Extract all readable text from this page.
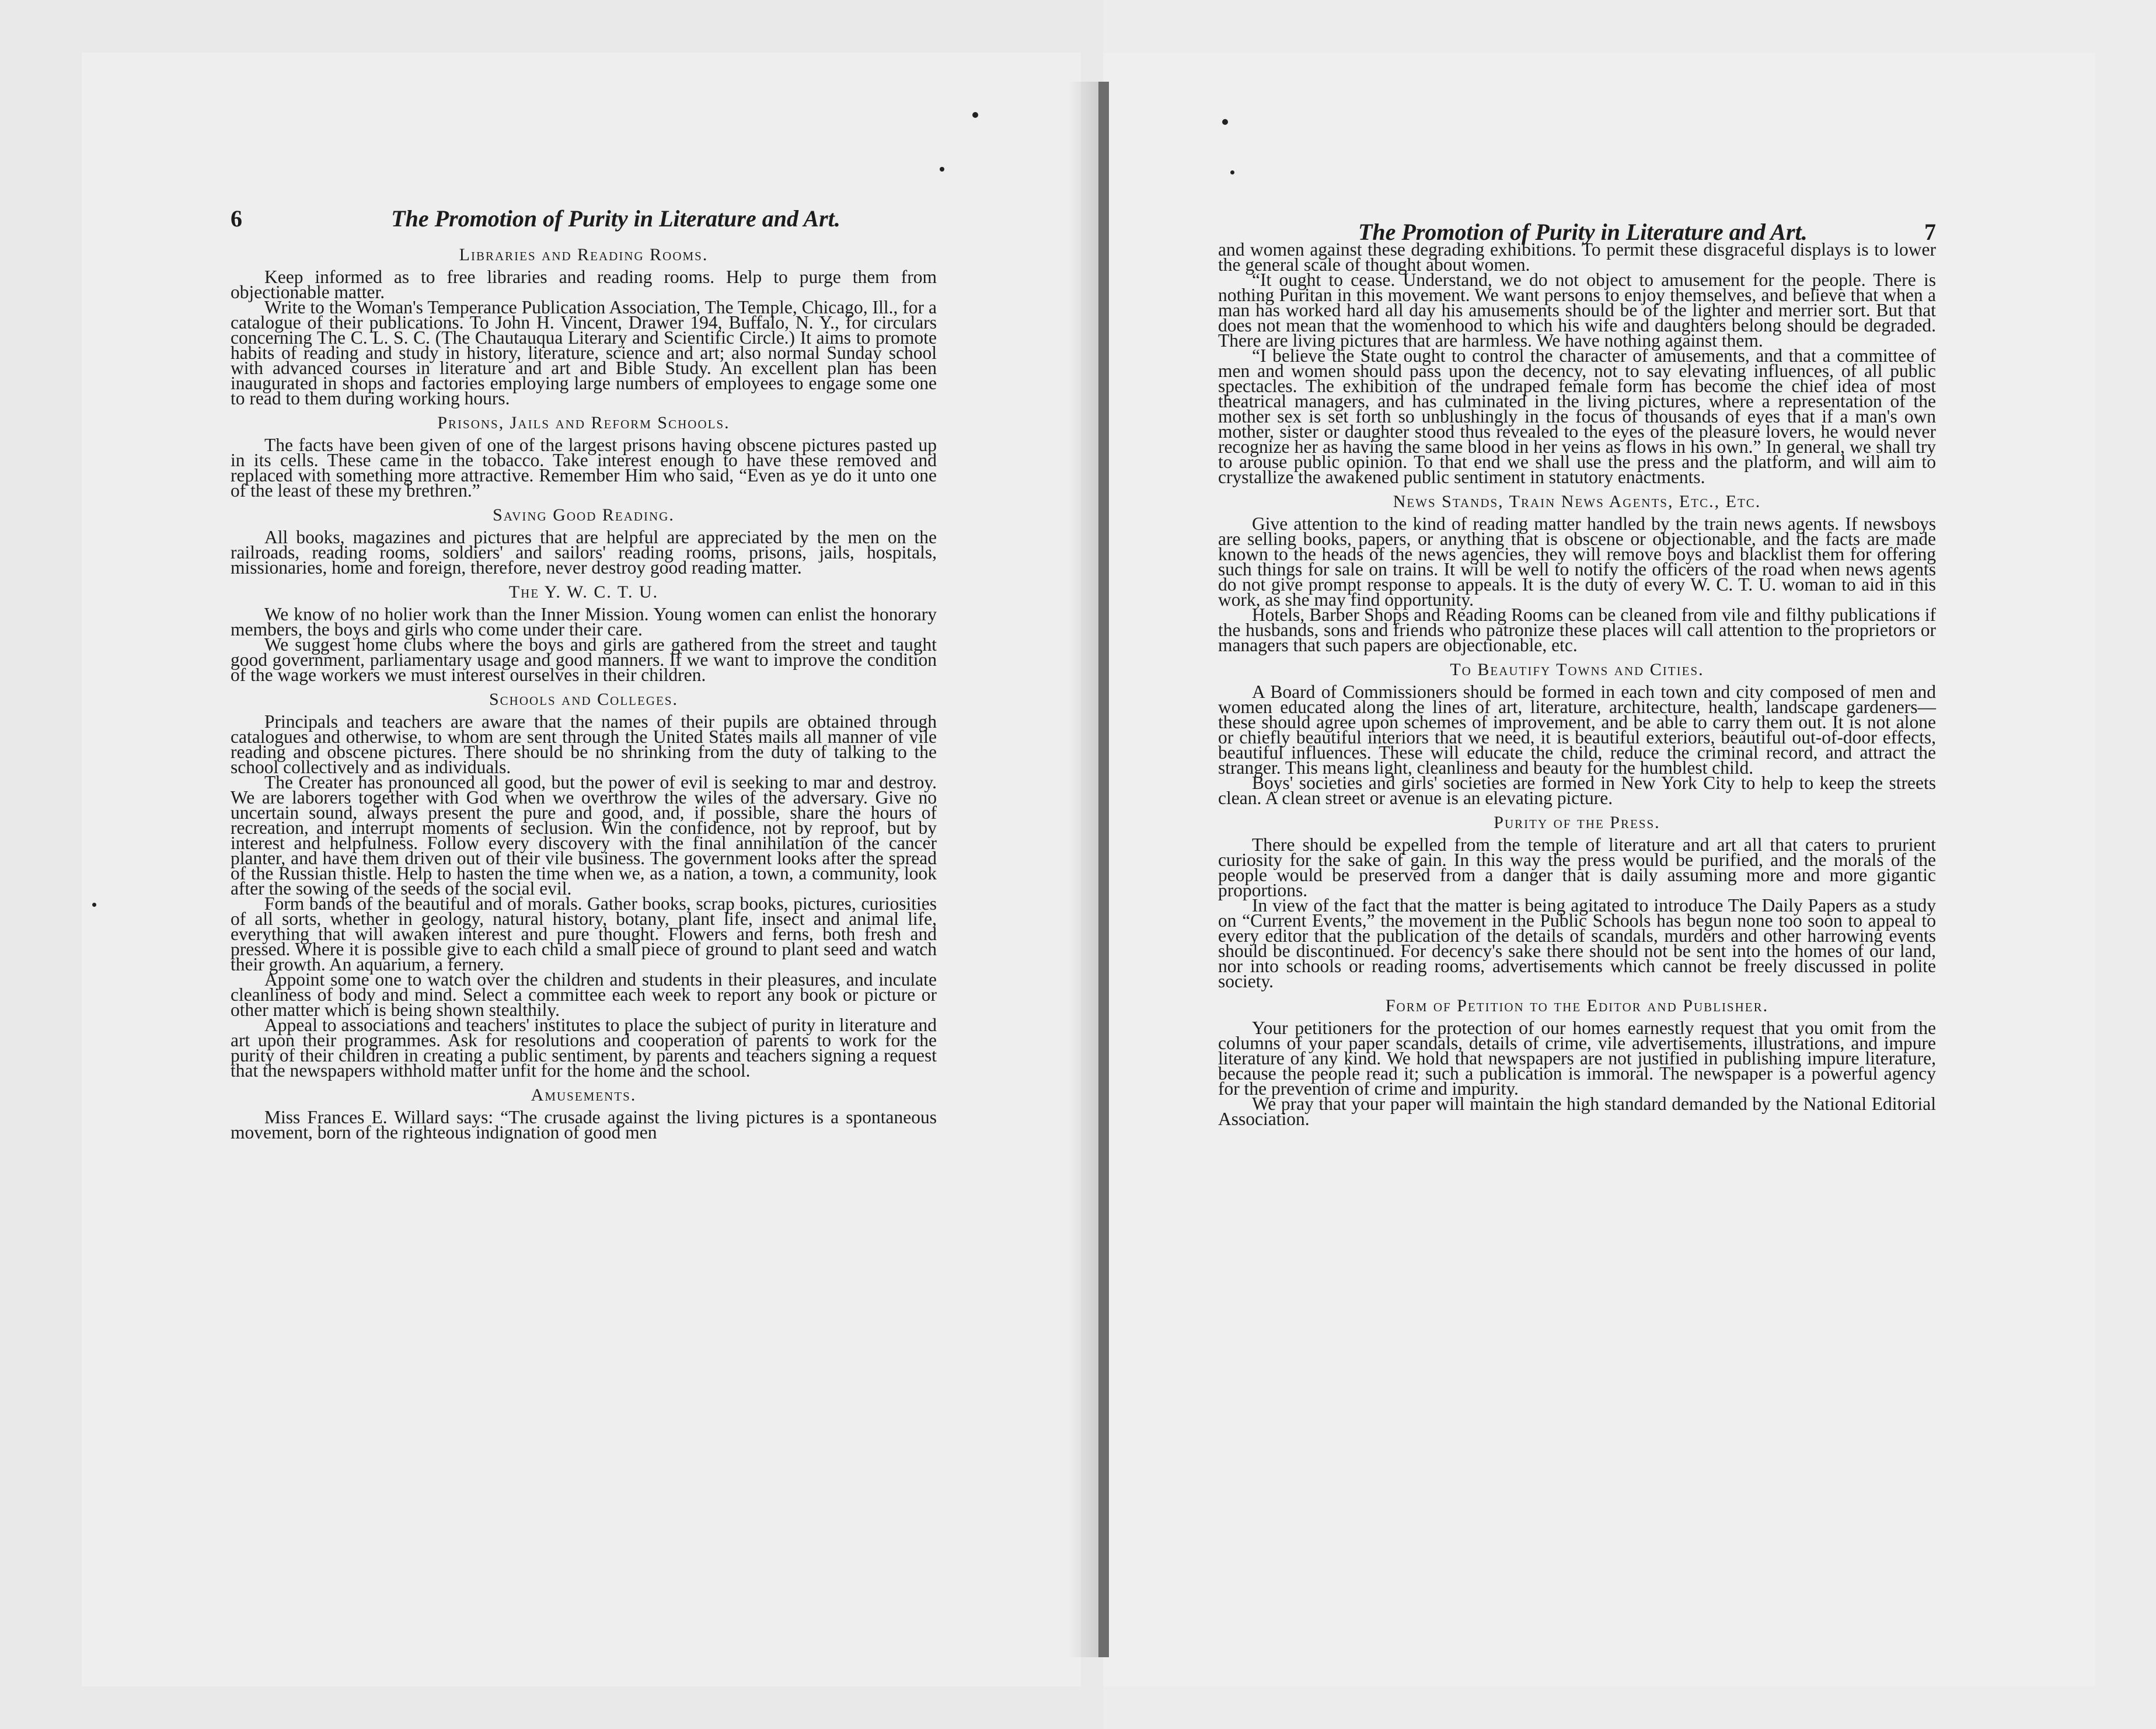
6	The Promotion of Purity in Literature and Art.
Libraries and Reading Rooms.

Keep informed as to free libraries and reading rooms. Help to purge them from objectionable matter.

Write to the Woman's Temperance Publication Association, The Temple, Chicago, Ill., for a catalogue of their publications. To John H. Vincent, Drawer 194, Buffalo, N. Y., for circulars concerning The C. L. S. C. (The Chautauqua Literary and Scientific Circle.) It aims to promote habits of reading and study in history, literature, science and art; also normal Sunday school with advanced courses in literature and art and Bible Study. An excellent plan has been inaugurated in shops and factories employing large numbers of employees to engage some one to read to them during working hours.

Prisons, Jails and Reform Schools.

The facts have been given of one of the largest prisons having obscene pictures pasted up in its cells. These came in the tobacco. Take interest enough to have these removed and replaced with something more attractive. Remember Him who said, “Even as ye do it unto one of the least of these my brethren.”

Saving Good Reading.

All books, magazines and pictures that are helpful are appreciated by the men on the railroads, reading rooms, soldiers' and sailors' reading rooms, prisons, jails, hospitals, missionaries, home and foreign, therefore, never destroy good reading matter.

The Y. W. C. T. U.

We know of no holier work than the Inner Mission. Young women can enlist the honorary members, the boys and girls who come under their care.

We suggest home clubs where the boys and girls are gathered from the street and taught good government, parliamentary usage and good manners. If we want to improve the condition of the wage workers we must interest ourselves in their children.

Schools and Colleges.

Principals and teachers are aware that the names of their pupils are obtained through catalogues and otherwise, to whom are sent through the United States mails all manner of vile reading and obscene pictures. There should be no shrinking from the duty of talking to the school collectively and as individuals.

The Creater has pronounced all good, but the power of evil is seeking to mar and destroy. We are laborers together with God when we overthrow the wiles of the adversary. Give no uncertain sound, always present the pure and good, and, if possible, share the hours of recreation, and interrupt moments of seclusion. Win the confidence, not by reproof, but by interest and helpfulness. Follow every discovery with the final annihilation of the cancer planter, and have them driven out of their vile business. The government looks after the spread of the Russian thistle. Help to hasten the time when we, as a nation, a town, a community, look after the sowing of the seeds of the social evil.

Form bands of the beautiful and of morals. Gather books, scrap books, pictures, curiosities of all sorts, whether in geology, natural history, botany, plant life, insect and animal life, everything that will awaken interest and pure thought. Flowers and ferns, both fresh and pressed. Where it is possible give to each child a small piece of ground to plant seed and watch their growth. An aquarium, a fernery.

Appoint some one to watch over the children and students in their pleasures, and inculate cleanliness of body and mind. Select a committee each week to report any book or picture or other matter which is being shown stealthily.

Appeal to associations and teachers' institutes to place the subject of purity in literature and art upon their programmes. Ask for resolutions and cooperation of parents to work for the purity of their children in creating a public sentiment, by parents and teachers signing a request that the newspapers withhold matter unfit for the home and the school.

Amusements.

Miss Frances E. Willard says: “The crusade against the living pictures is a spontaneous movement, born of the righteous indignation of good men

The Promotion of Purity in Literature and Art.	7

and women against these degrading exhibitions. To permit these disgraceful displays is to lower the general scale of thought about women.

“It ought to cease. Understand, we do not object to amusement for the people. There is nothing Puritan in this movement. We want persons to enjoy themselves, and believe that when a man has worked hard all day his amusements should be of the lighter and merrier sort. But that does not mean that the womenhood to which his wife and daughters belong should be degraded. There are living pictures that are harmless. We have nothing against them.

“I believe the State ought to control the character of amusements, and that a committee of men and women should pass upon the decency, not to say elevating influences, of all public spectacles. The exhibition of the undraped female form has become the chief idea of most theatrical managers, and has culminated in the living pictures, where a representation of the mother sex is set forth so unblushingly in the focus of thousands of eyes that if a man's own mother, sister or daughter stood thus revealed to the eyes of the pleasure lovers, he would never recognize her as having the same blood in her veins as flows in his own.” In general, we shall try to arouse public opinion. To that end we shall use the press and the platform, and will aim to crystallize the awakened public sentiment in statutory enactments.

News Stands, Train News Agents, Etc., Etc.

Give attention to the kind of reading matter handled by the train news agents. If newsboys are selling books, papers, or anything that is obscene or objectionable, and the facts are made known to the heads of the news agencies, they will remove boys and blacklist them for offering such things for sale on trains. It will be well to notify the officers of the road when news agents do not give prompt response to appeals. It is the duty of every W. C. T. U. woman to aid in this work, as she may find opportunity.

Hotels, Barber Shops and Reading Rooms can be cleaned from vile and filthy publications if the husbands, sons and friends who patronize these places will call attention to the proprietors or managers that such papers are objectionable, etc.

To Beautify Towns and Cities.

A Board of Commissioners should be formed in each town and city composed of men and women educated along the lines of art, literature, architecture, health, landscape gardeners—these should agree upon schemes of improvement, and be able to carry them out. It is not alone or chiefly beautiful interiors that we need, it is beautiful exteriors, beautiful out-of-door effects, beautiful influences. These will educate the child, reduce the criminal record, and attract the stranger. This means light, cleanliness and beauty for the humblest child.

Boys' societies and girls' societies are formed in New York City to help to keep the streets clean. A clean street or avenue is an elevating picture.

Purity of the Press.

There should be expelled from the temple of literature and art all that caters to prurient curiosity for the sake of gain. In this way the press would be purified, and the morals of the people would be preserved from a danger that is daily assuming more and more gigantic proportions.

In view of the fact that the matter is being agitated to introduce The Daily Papers as a study on “Current Events,” the movement in the Public Schools has begun none too soon to appeal to every editor that the publication of the details of scandals, murders and other harrowing events should be discontinued. For decency's sake there should not be sent into the homes of our land, nor into schools or reading rooms, advertisements which cannot be freely discussed in polite society.

Form of Petition to the Editor and Publisher.

Your petitioners for the protection of our homes earnestly request that you omit from the columns of your paper scandals, details of crime, vile advertisements, illustrations, and impure literature of any kind. We hold that newspapers are not justified in publishing impure literature, because the people read it; such a publication is immoral. The newspaper is a powerful agency for the prevention of crime and impurity.

We pray that your paper will maintain the high standard demanded by the National Editorial Association.
